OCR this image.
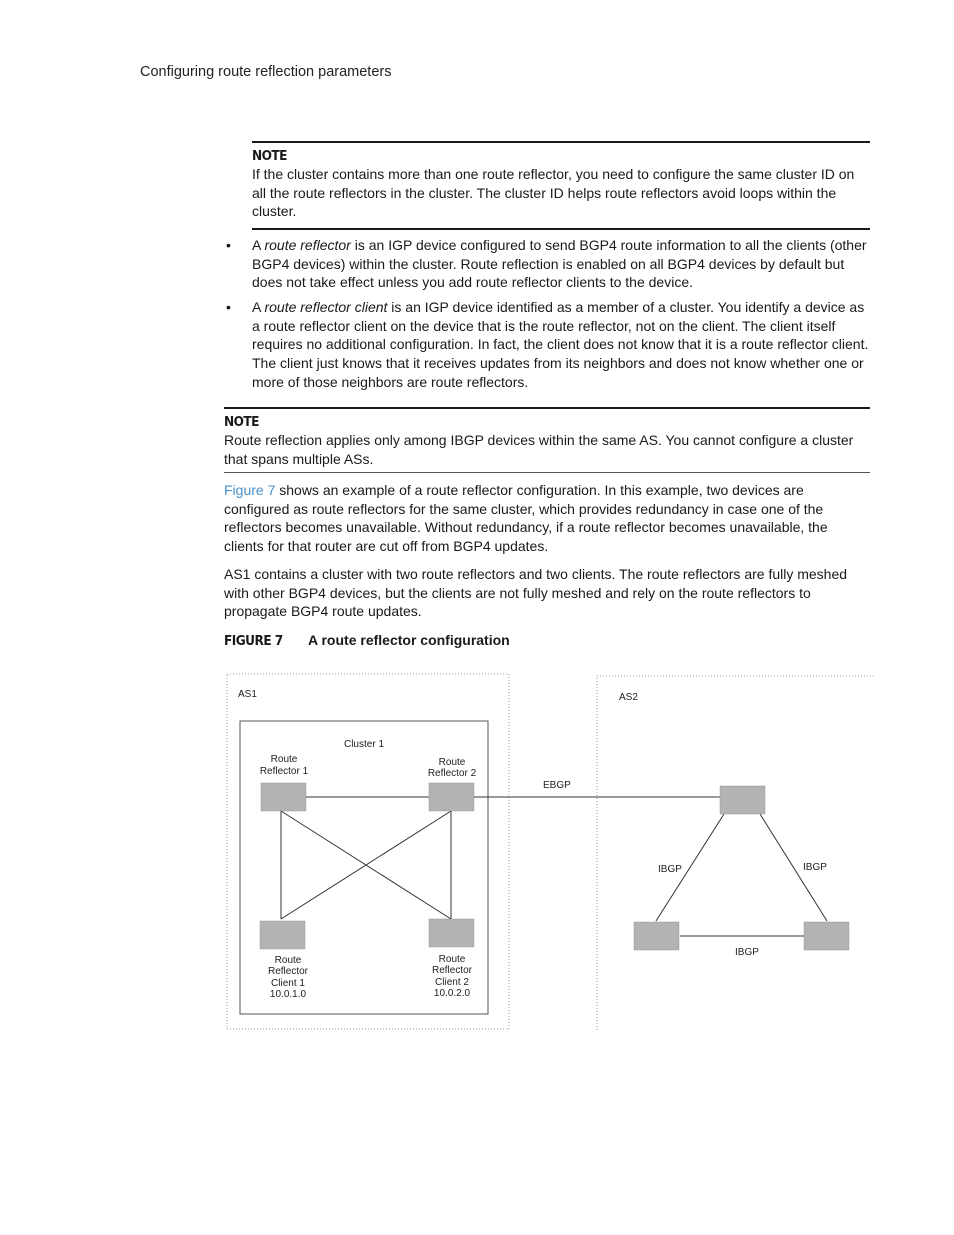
Configuring route reflection parameters
NOTE
If the cluster contains more than one route reflector, you need to configure the same cluster ID on all the route reflectors in the cluster. The cluster ID helps route reflectors avoid loops within the cluster.
• A route reflector is an IGP device configured to send BGP4 route information to all the clients (other BGP4 devices) within the cluster. Route reflection is enabled on all BGP4 devices by default but does not take effect unless you add route reflector clients to the device.
• A route reflector client is an IGP device identified as a member of a cluster. You identify a device as a route reflector client on the device that is the route reflector, not on the client. The client itself requires no additional configuration. In fact, the client does not know that it is a route reflector client. The client just knows that it receives updates from its neighbors and does not know whether one or more of those neighbors are route reflectors.
NOTE
Route reflection applies only among IBGP devices within the same AS. You cannot configure a cluster that spans multiple ASs.
Figure 7 shows an example of a route reflector configuration. In this example, two devices are configured as route reflectors for the same cluster, which provides redundancy in case one of the reflectors becomes unavailable. Without redundancy, if a route reflector becomes unavailable, the clients for that router are cut off from BGP4 updates.
AS1 contains a cluster with two route reflectors and two clients. The route reflectors are fully meshed with other BGP4 devices, but the clients are not fully meshed and rely on the route reflectors to propagate BGP4 route updates.
FIGURE 7 A route reflector configuration
AS1	AS2
Cluster 1
Route
Reflector 1
Route
Reflector 2
Route
Reflector
Client 1
10.0.1.0
Route
Reflector
Client 2
10.0.2.0
EBGP
IBGP	IBGP
IBGP
